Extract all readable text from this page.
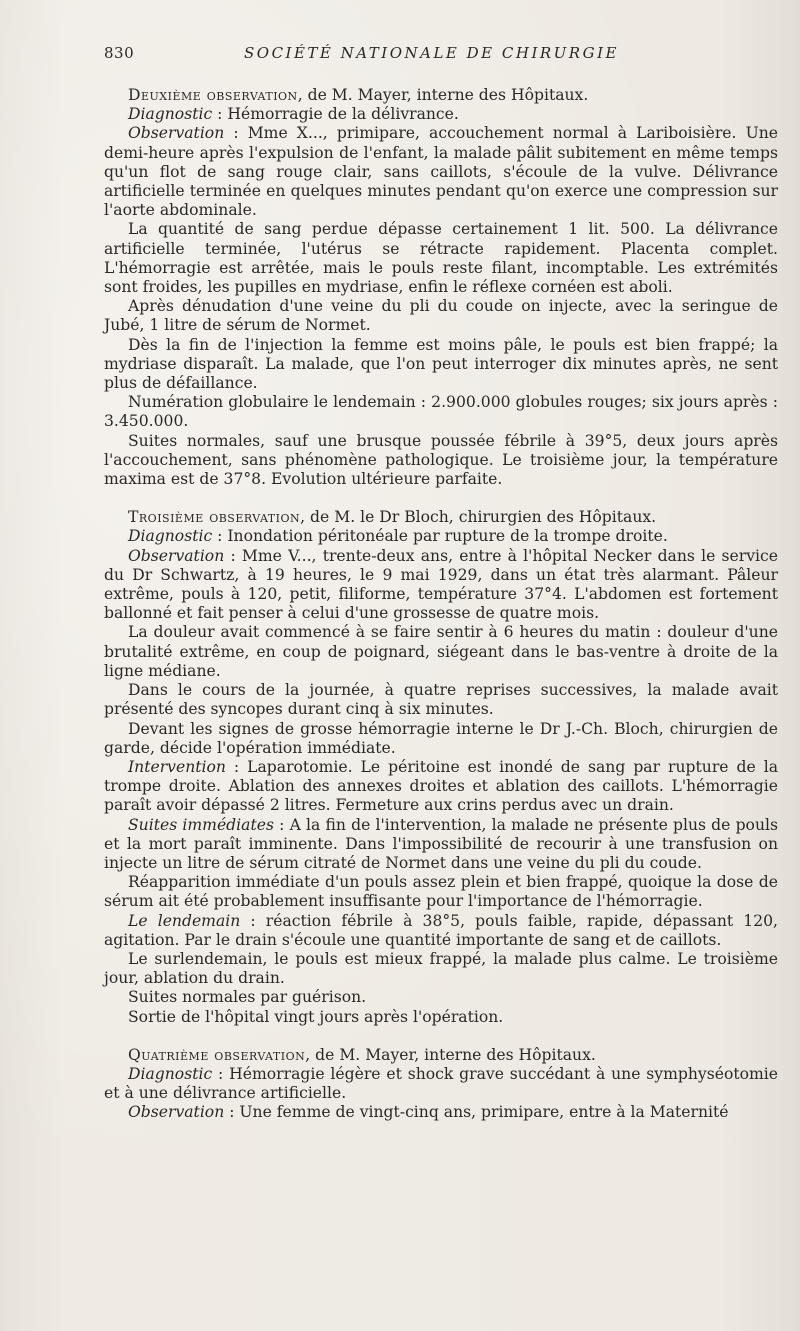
830	SOCIÉTÉ NATIONALE DE CHIRURGIE

Deuxième observation, de M. Mayer, interne des Hôpitaux.

Diagnostic : Hémorragie de la délivrance.

Observation : Mme X..., primipare, accouchement normal à Lariboisière. Une demi-heure après l'expulsion de l'enfant, la malade pâlit subitement en même temps qu'un flot de sang rouge clair, sans caillots, s'écoule de la vulve. Délivrance artificielle terminée en quelques minutes pendant qu'on exerce une compression sur l'aorte abdominale.

La quantité de sang perdue dépasse certainement 1 lit. 500. La délivrance artificielle terminée, l'utérus se rétracte rapidement. Placenta complet. L'hémorragie est arrêtée, mais le pouls reste filant, incomptable. Les extrémités sont froides, les pupilles en mydriase, enfin le réflexe cornéen est aboli.

Après dénudation d'une veine du pli du coude on injecte, avec la seringue de Jubé, 1 litre de sérum de Normet.

Dès la fin de l'injection la femme est moins pâle, le pouls est bien frappé; la mydriase disparaît. La malade, que l'on peut interroger dix minutes après, ne sent plus de défaillance.

Numération globulaire le lendemain : 2.900.000 globules rouges; six jours après : 3.450.000.

Suites normales, sauf une brusque poussée fébrile à 39°5, deux jours après l'accouchement, sans phénomène pathologique. Le troisième jour, la température maxima est de 37°8. Evolution ultérieure parfaite.

Troisième observation, de M. le Dr Bloch, chirurgien des Hôpitaux.

Diagnostic : Inondation péritonéale par rupture de la trompe droite.

Observation : Mme V..., trente-deux ans, entre à l'hôpital Necker dans le service du Dr Schwartz, à 19 heures, le 9 mai 1929, dans un état très alarmant. Pâleur extrême, pouls à 120, petit, filiforme, température 37°4. L'abdomen est fortement ballonné et fait penser à celui d'une grossesse de quatre mois.

La douleur avait commencé à se faire sentir à 6 heures du matin : douleur d'une brutalité extrême, en coup de poignard, siégeant dans le bas-ventre à droite de la ligne médiane.

Dans le cours de la journée, à quatre reprises successives, la malade avait présenté des syncopes durant cinq à six minutes.

Devant les signes de grosse hémorragie interne le Dr J.-Ch. Bloch, chirurgien de garde, décide l'opération immédiate.

Intervention : Laparotomie. Le péritoine est inondé de sang par rupture de la trompe droite. Ablation des annexes droites et ablation des caillots. L'hémorragie paraît avoir dépassé 2 litres. Fermeture aux crins perdus avec un drain.

Suites immédiates : A la fin de l'intervention, la malade ne présente plus de pouls et la mort paraît imminente. Dans l'impossibilité de recourir à une transfusion on injecte un litre de sérum citraté de Normet dans une veine du pli du coude.

Réapparition immédiate d'un pouls assez plein et bien frappé, quoique la dose de sérum ait été probablement insuffisante pour l'importance de l'hémorragie.

Le lendemain : réaction fébrile à 38°5, pouls faible, rapide, dépassant 120, agitation. Par le drain s'écoule une quantité importante de sang et de caillots.

Le surlendemain, le pouls est mieux frappé, la malade plus calme. Le troisième jour, ablation du drain.

Suites normales par guérison.

Sortie de l'hôpital vingt jours après l'opération.

Quatrième observation, de M. Mayer, interne des Hôpitaux.

Diagnostic : Hémorragie légère et shock grave succédant à une symphyséotomie et à une délivrance artificielle.

Observation : Une femme de vingt-cinq ans, primipare, entre à la Maternité
